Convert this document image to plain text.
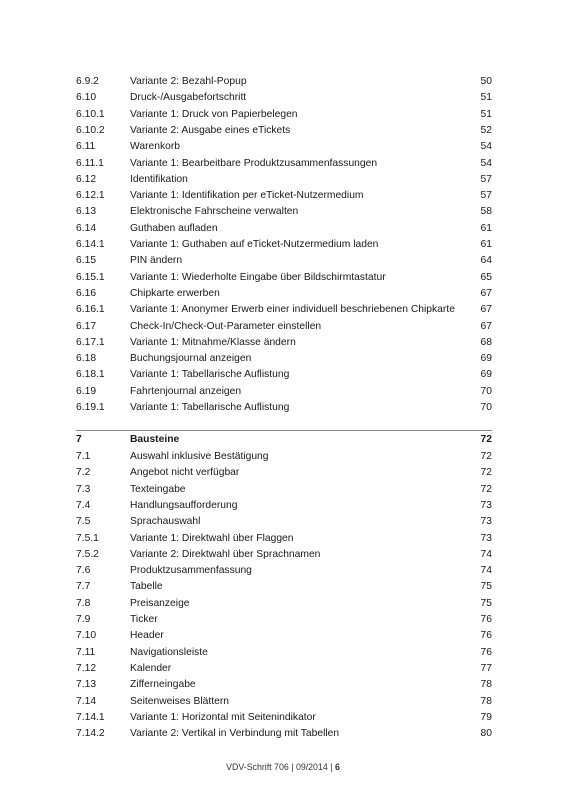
6.9.2	Variante 2: Bezahl-Popup	50
6.10	Druck-/Ausgabefortschritt	51
6.10.1 Variante 1: Druck von Papierbelegen	51
6.10.2 Variante 2: Ausgabe eines eTickets	52
6.11	Warenkorb	54
6.11.1	Variante 1: Bearbeitbare Produktzusammenfassungen	54
6.12	Identifikation	57
6.12.1 Variante 1: Identifikation per eTicket-Nutzermedium	57
6.13	Elektronische Fahrscheine verwalten	58
6.14	Guthaben aufladen	61
6.14.1 Variante 1: Guthaben auf eTicket-Nutzermedium laden	61
6.15	PIN ändern	64
6.15.1 Variante 1: Wiederholte Eingabe über Bildschirmtastatur	65
6.16	Chipkarte erwerben	67
6.16.1 Variante 1: Anonymer Erwerb einer individuell beschriebenen Chipkarte 67
6.17	Check-In/Check-Out-Parameter einstellen	67
6.17.1 Variante 1: Mitnahme/Klasse ändern	68
6.18	Buchungsjournal anzeigen	69
6.18.1 Variante 1: Tabellarische Auflistung	69
6.19	Fahrtenjournal anzeigen	70
6.19.1 Variante 1: Tabellarische Auflistung	70
7	Bausteine	72
7.1	Auswahl inklusive Bestätigung	72
7.2	Angebot nicht verfügbar	72
7.3	Texteingabe	72
7.4	Handlungsaufforderung	73
7.5	Sprachauswahl	73
7.5.1	Variante 1: Direktwahl über Flaggen	73
7.5.2	Variante 2: Direktwahl über Sprachnamen	74
7.6	Produktzusammenfassung	74
7.7	Tabelle	75
7.8	Preisanzeige	75
7.9	Ticker	76
7.10	Header	76
7.11	Navigationsleiste	76
7.12	Kalender	77
7.13	Zifferneingabe	78
7.14	Seitenweises Blättern	78
7.14.1 Variante 1: Horizontal mit Seitenindikator	79
7.14.2 Variante 2: Vertikal in Verbindung mit Tabellen	80
VDV-Schrift 706 | 09/2014 | 6
